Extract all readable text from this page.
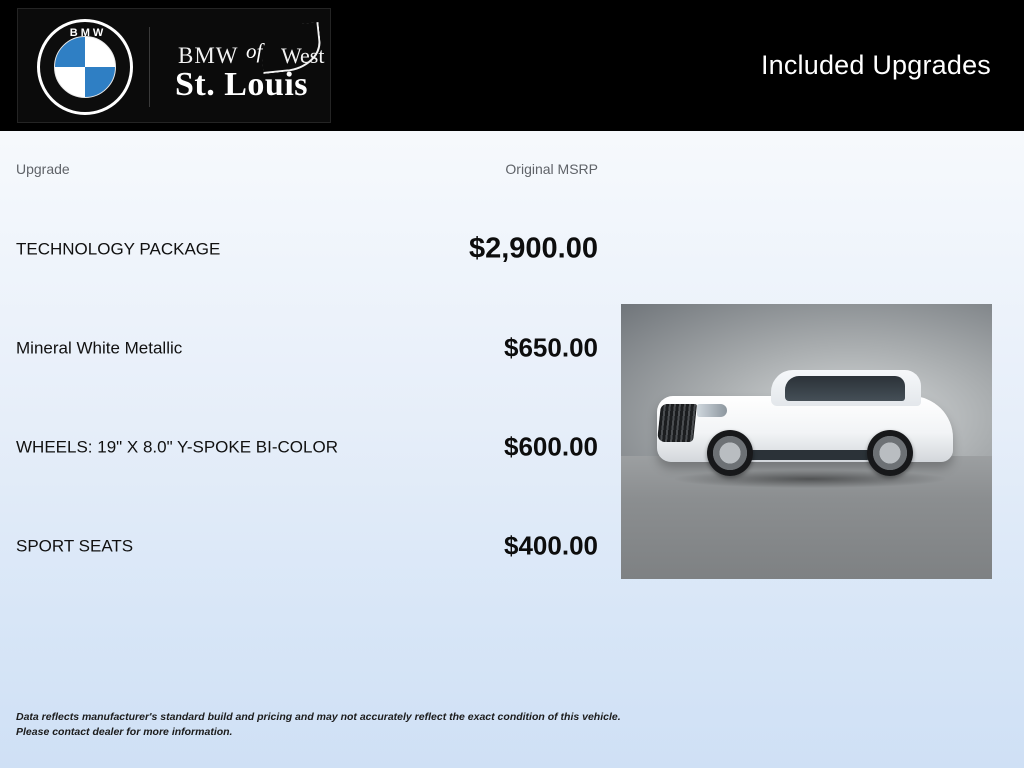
BMW
BMW of West
St. Louis
Included Upgrades
Upgrade	Original MSRP
TECHNOLOGY PACKAGE	$2,900.00
Mineral White Metallic	$650.00
WHEELS: 19" X 8.0" Y-SPOKE BI-COLOR	$600.00
SPORT SEATS	$400.00
Data reflects manufacturer's standard build and pricing and may not accurately reflect the exact condition of this vehicle.
Please contact dealer for more information.
